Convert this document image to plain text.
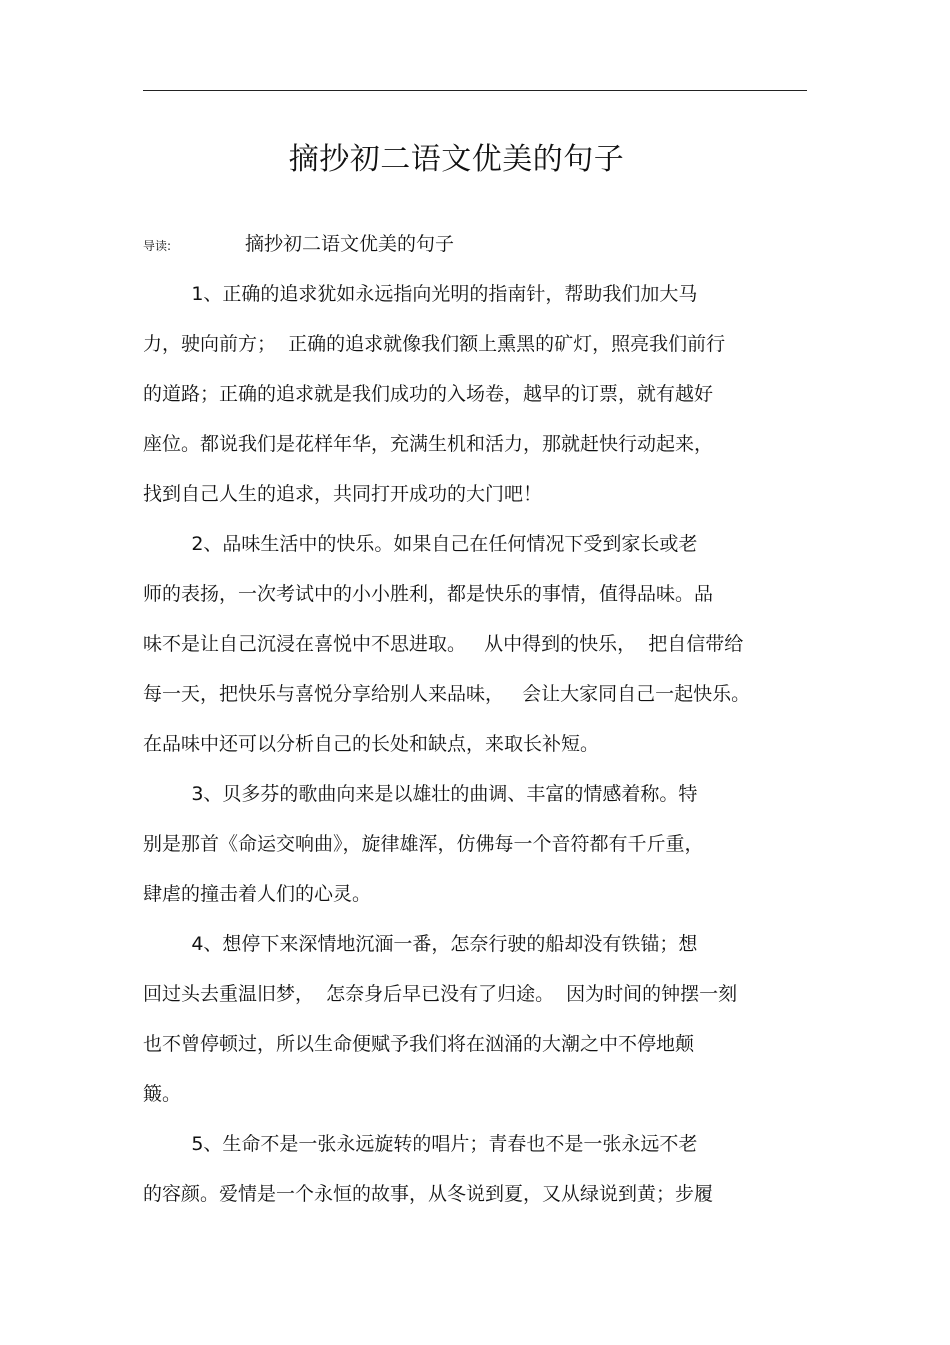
摘抄初二语文优美的句子
导读:	摘抄初二语文优美的句子
1、正确的追求犹如永远指向光明的指南针，帮助我们加大马
力，驶向前方；  正确的追求就像我们额上熏黑的矿灯，照亮我们前行
的道路；正确的追求就是我们成功的入场卷，越早的订票，就有越好
座位。都说我们是花样年华，充满生机和活力，那就赶快行动起来，
找到自己人生的追求，共同打开成功的大门吧！
2、品味生活中的快乐。如果自己在任何情况下受到家长或老
师的表扬，一次考试中的小小胜利，都是快乐的事情，值得品味。品
味不是让自己沉浸在喜悦中不思进取。   从中得到的快乐，  把自信带给
每一天，把快乐与喜悦分享给别人来品味，   会让大家同自己一起快乐。
在品味中还可以分析自己的长处和缺点，来取长补短。
3、贝多芬的歌曲向来是以雄壮的曲调、丰富的情感着称。特
别是那首《命运交响曲》，旋律雄浑，仿佛每一个音符都有千斤重，
肆虐的撞击着人们的心灵。
4、想停下来深情地沉湎一番，怎奈行驶的船却没有铁锚；想
回过头去重温旧梦，  怎奈身后早已没有了归途。  因为时间的钟摆一刻
也不曾停顿过，所以生命便赋予我们将在汹涌的大潮之中不停地颠
簸。
5、生命不是一张永远旋转的唱片；青春也不是一张永远不老
的容颜。爱情是一个永恒的故事，从冬说到夏，又从绿说到黄；步履
